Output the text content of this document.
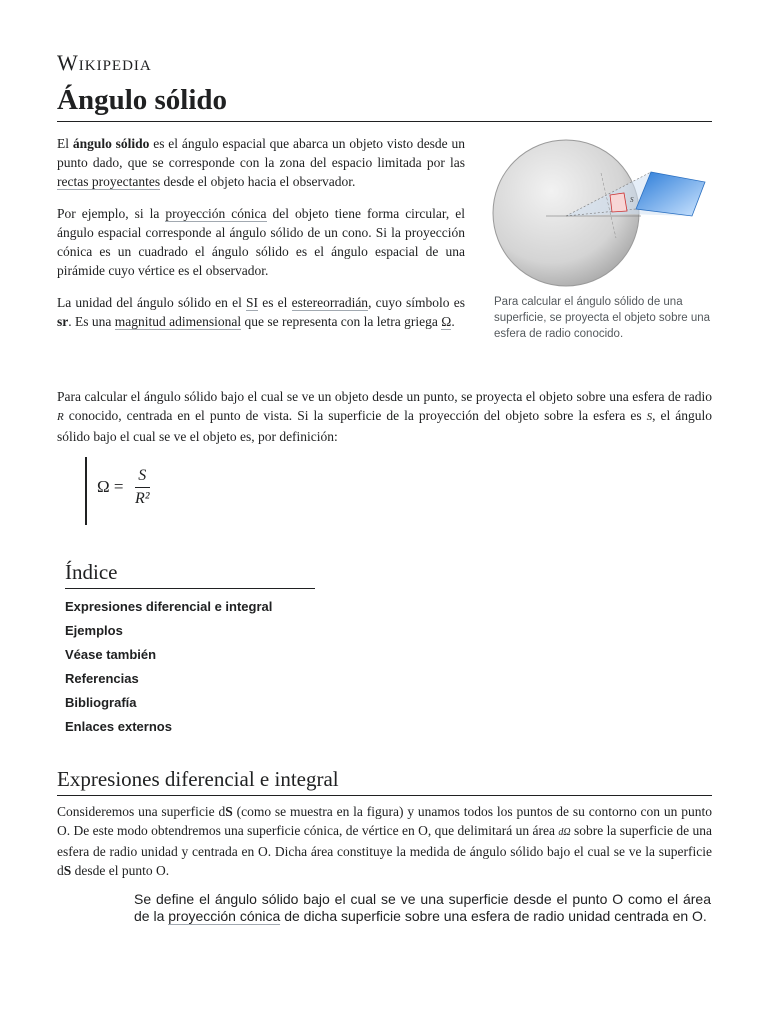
Wikipedia
Ángulo sólido

El ángulo sólido es el ángulo espacial que abarca un objeto visto desde un punto dado, que se corresponde con la zona del espacio limitada por las rectas proyectantes desde el objeto hacia el observador.

Por ejemplo, si la proyección cónica del objeto tiene forma circular, el ángulo espacial corresponde al ángulo sólido de un cono. Si la proyección cónica es un cuadrado el ángulo sólido es el ángulo espacial de una pirámide cuyo vértice es el observador.

La unidad del ángulo sólido en el SI es el estereorradián, cuyo símbolo es sr. Es una magnitud adimensional que se representa con la letra griega Ω.

S
Para calcular el ángulo sólido de una superficie, se proyecta el objeto sobre una esfera de radio conocido.

Para calcular el ángulo sólido bajo el cual se ve un objeto desde un punto, se proyecta el objeto sobre una esfera de radio R conocido, centrada en el punto de vista. Si la superficie de la proyección del objeto sobre la esfera es S, el ángulo sólido bajo el cual se ve el objeto es, por definición:

Ω =
S
R²
Índice
Expresiones diferencial e integral
Ejemplos
Véase también
Referencias
Bibliografía
Enlaces externos
Expresiones diferencial e integral

Consideremos una superficie dS (como se muestra en la figura) y unamos todos los puntos de su contorno con un punto O. De este modo obtendremos una superficie cónica, de vértice en O, que delimitará un área dΩ sobre la superficie de una esfera de radio unidad y centrada en O. Dicha área constituye la medida de ángulo sólido bajo el cual se ve la superficie dS desde el punto O.

Se define el ángulo sólido bajo el cual se ve una superficie desde el punto O como el área de la proyección cónica de dicha superficie sobre una esfera de radio unidad centrada en O.
